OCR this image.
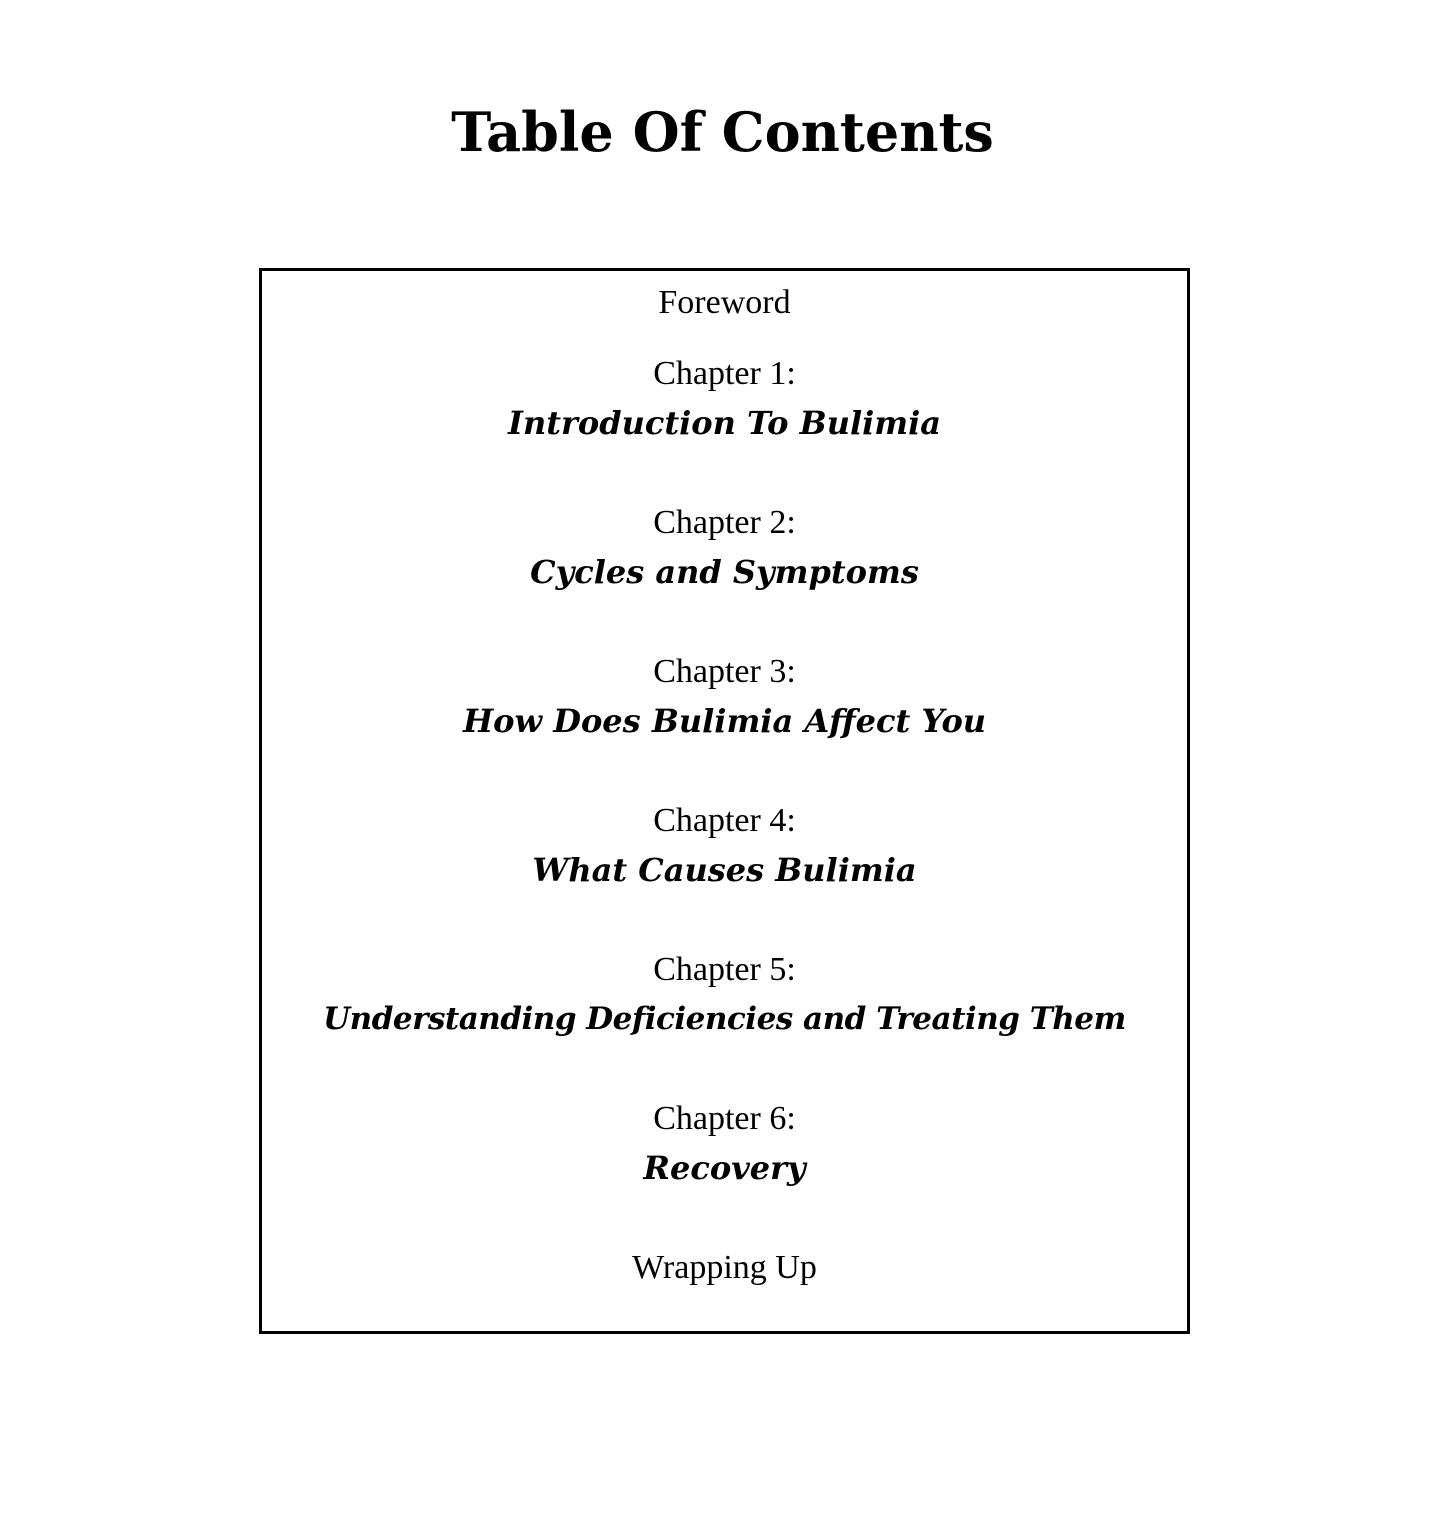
Table Of Contents
Foreword
Chapter 1:
Introduction To Bulimia
Chapter 2:
Cycles and Symptoms
Chapter 3:
How Does Bulimia Affect You
Chapter 4:
What Causes Bulimia
Chapter 5:
Understanding Deficiencies and Treating Them
Chapter 6:
Recovery
Wrapping Up
